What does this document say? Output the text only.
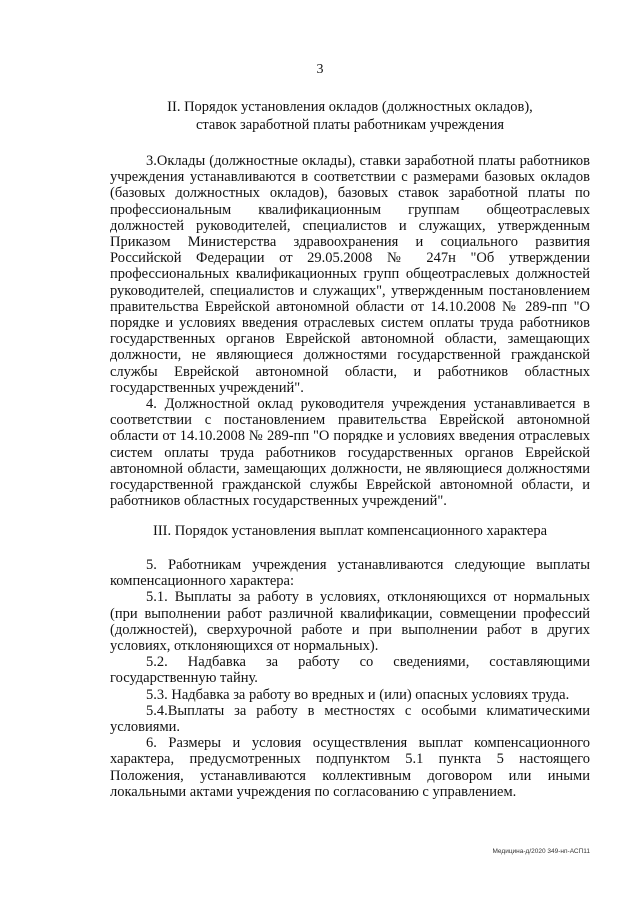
3
II. Порядок установления окладов (должностных окладов),
ставок заработной платы работникам учреждения

3.Оклады (должностные оклады), ставки заработной платы работников учреждения устанавливаются в соответствии с размерами базовых окладов (базовых должностных окладов), базовых ставок заработной платы по профессиональным квалификационным группам общеотраслевых должностей руководителей, специалистов и служащих, утвержденным Приказом Министерства здравоохранения и социального развития Российской Федерации от 29.05.2008 № 247н "Об утверждении профессиональных квалификационных групп общеотраслевых должностей руководителей, специалистов и служащих", утвержденным постановлением правительства Еврейской автономной области от 14.10.2008 № 289-пп "О порядке и условиях введения отраслевых систем оплаты труда работников государственных органов Еврейской автономной области, замещающих должности, не являющиеся должностями государственной гражданской службы Еврейской автономной области, и работников областных государственных учреждений".

4. Должностной оклад руководителя учреждения устанавливается в соответствии с постановлением правительства Еврейской автономной области от 14.10.2008 № 289-пп "О порядке и условиях введения отраслевых систем оплаты труда работников государственных органов Еврейской автономной области, замещающих должности, не являющиеся должностями государственной гражданской службы Еврейской автономной области, и работников областных государственных учреждений".

III. Порядок установления выплат компенсационного характера

5. Работникам учреждения устанавливаются следующие выплаты компенсационного характера:

5.1. Выплаты за работу в условиях, отклоняющихся от нормальных (при выполнении работ различной квалификации, совмещении профессий (должностей), сверхурочной работе и при выполнении работ в других условиях, отклоняющихся от нормальных).

5.2. Надбавка за работу со сведениями, составляющими государственную тайну.

5.3. Надбавка за работу во вредных и (или) опасных условиях труда.

5.4.Выплаты за работу в местностях с особыми климатическими условиями.

6. Размеры и условия осуществления выплат компенсационного характера, предусмотренных подпунктом 5.1 пункта 5 настоящего Положения, устанавливаются коллективным договором или иными локальными актами учреждения по согласованию с управлением.

Медицина-д/2020 349-нп-АСП11
